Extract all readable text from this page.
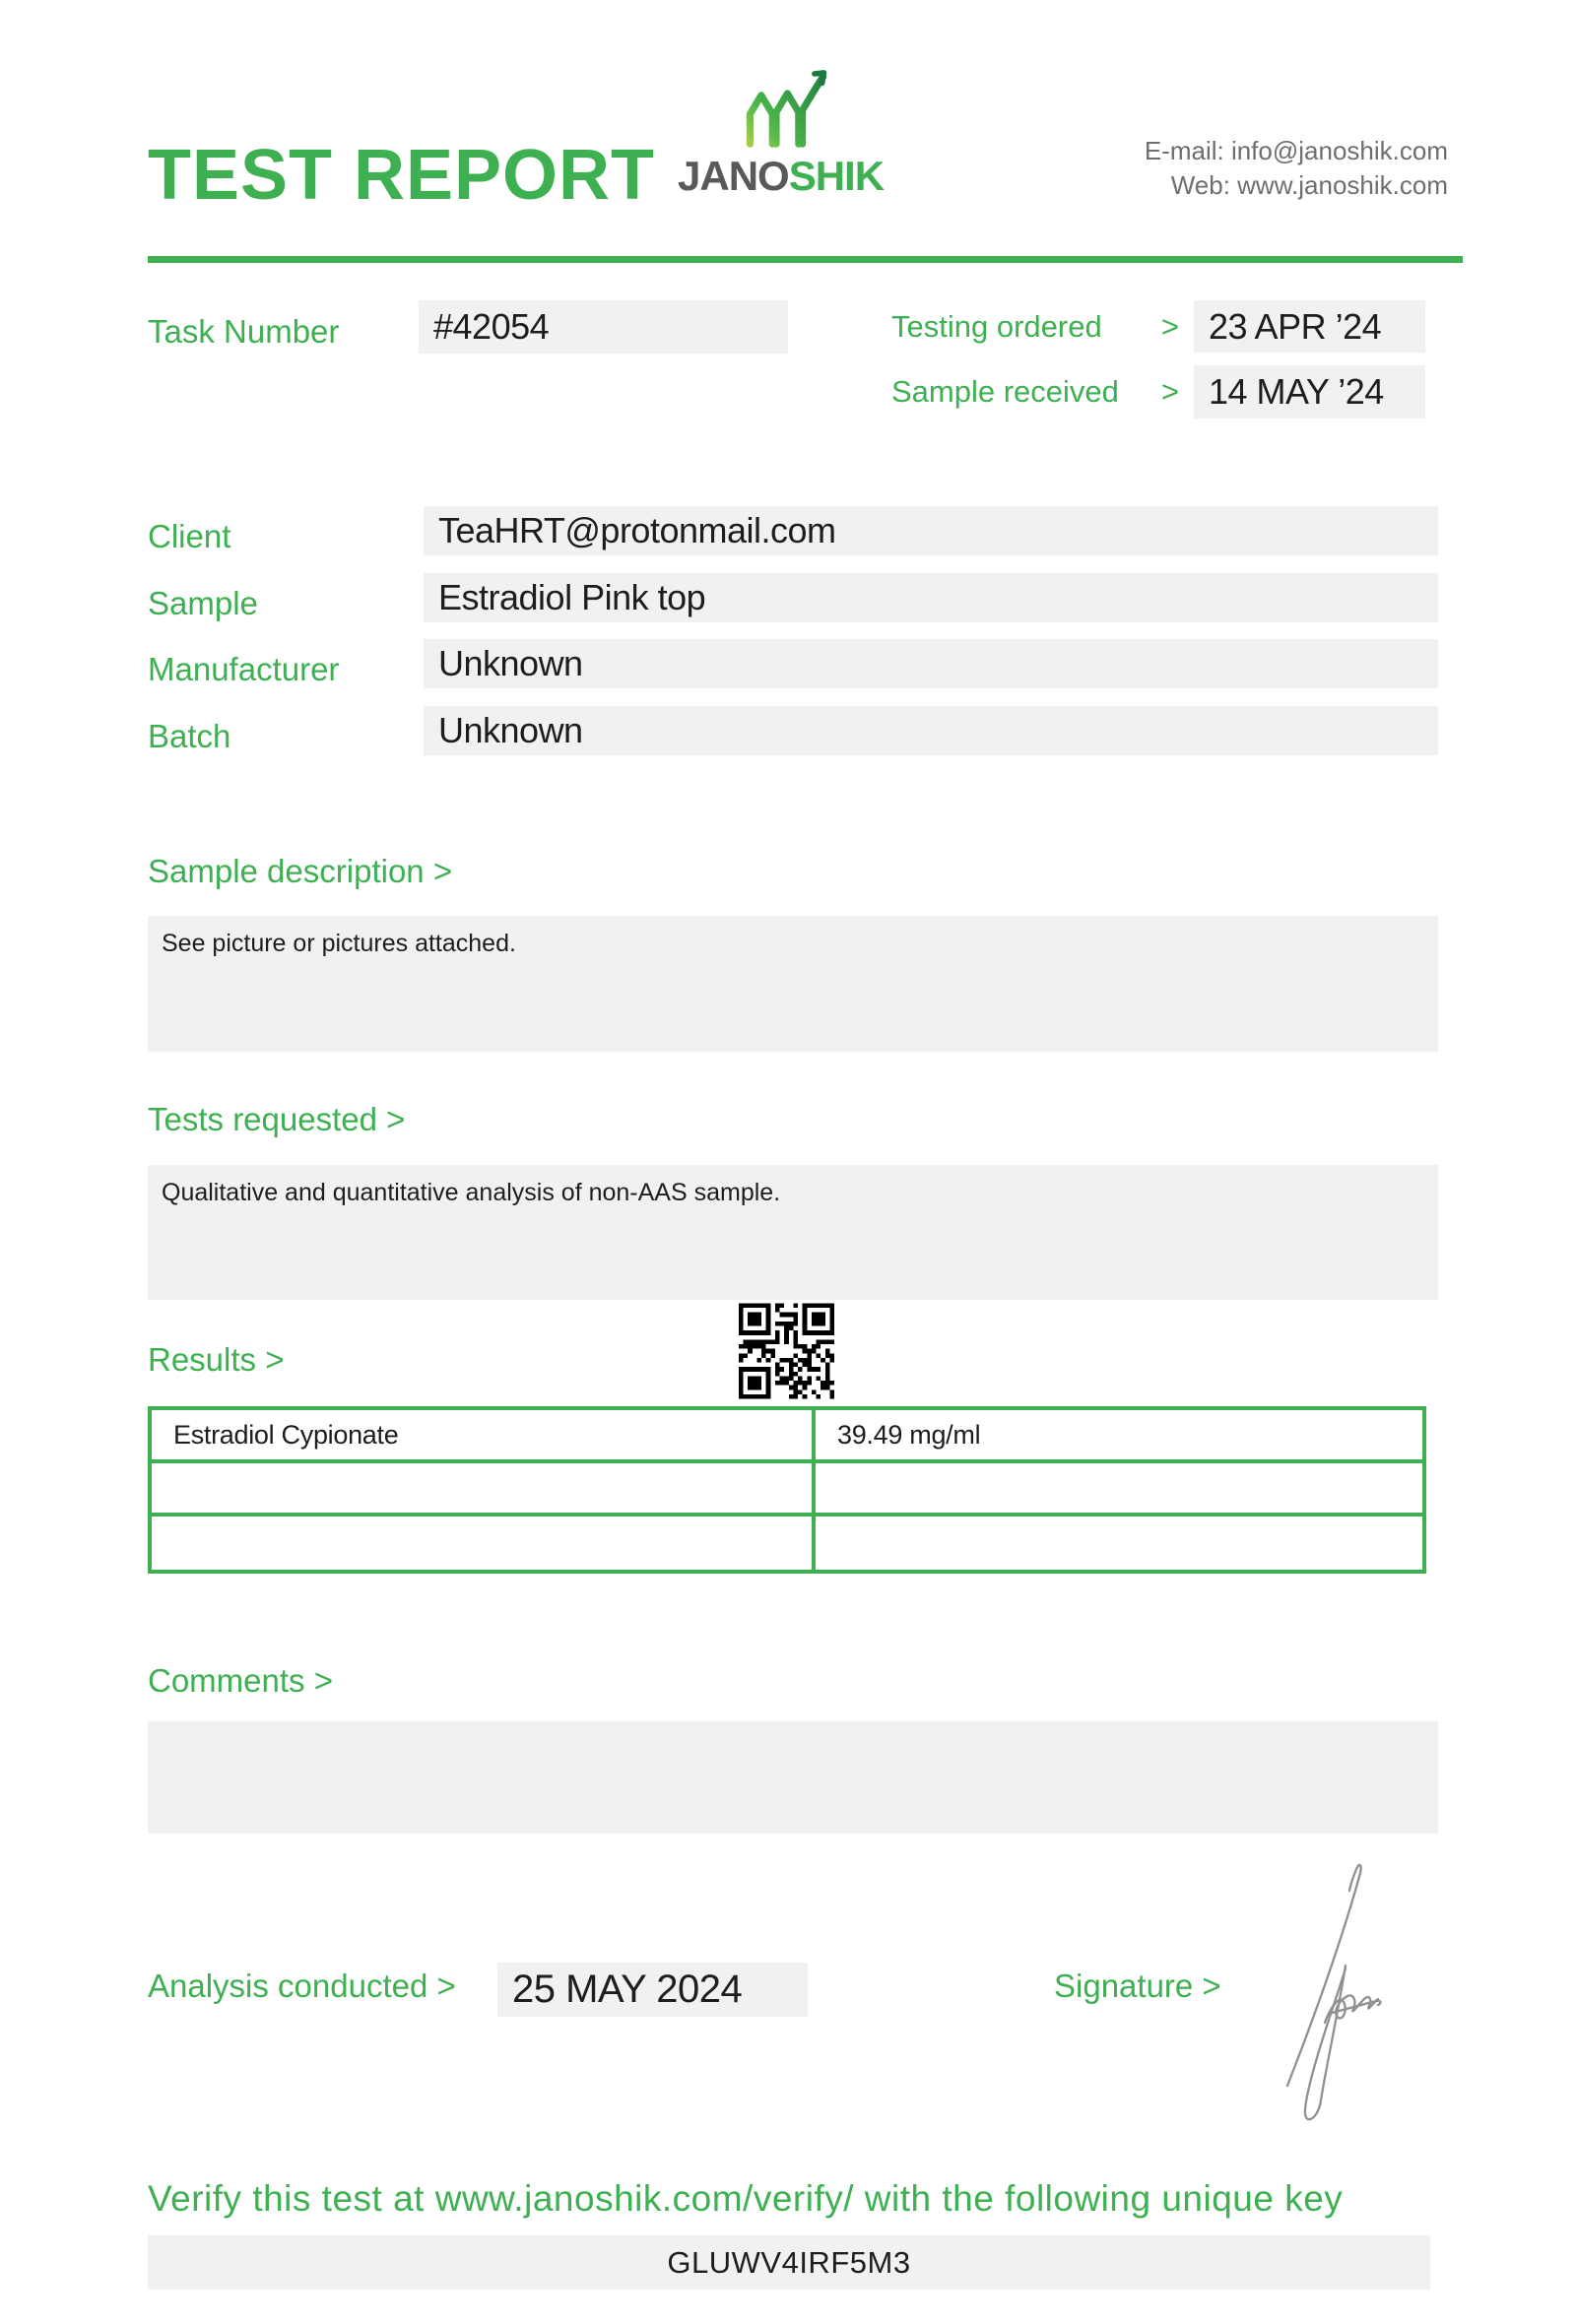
TEST REPORT JANOSHIK
E-mail: info@janoshik.com
Web: www.janoshik.com
Task Number	#42054	Testing ordered > 23 APR ’24
Sample received > 14 MAY ’24
Client	TeaHRT@protonmail.com
Sample	Estradiol Pink top
Manufacturer	Unknown
Batch	Unknown
Sample description >
See picture or pictures attached.
Tests requested >
Qualitative and quantitative analysis of non-AAS sample.
Results >
Estradiol Cypionate	39.49 mg/ml

Comments >
Analysis conducted >	25 MAY 2024	Signature >
Verify this test at www.janoshik.com/verify/ with the following unique key
GLUWV4IRF5M3
